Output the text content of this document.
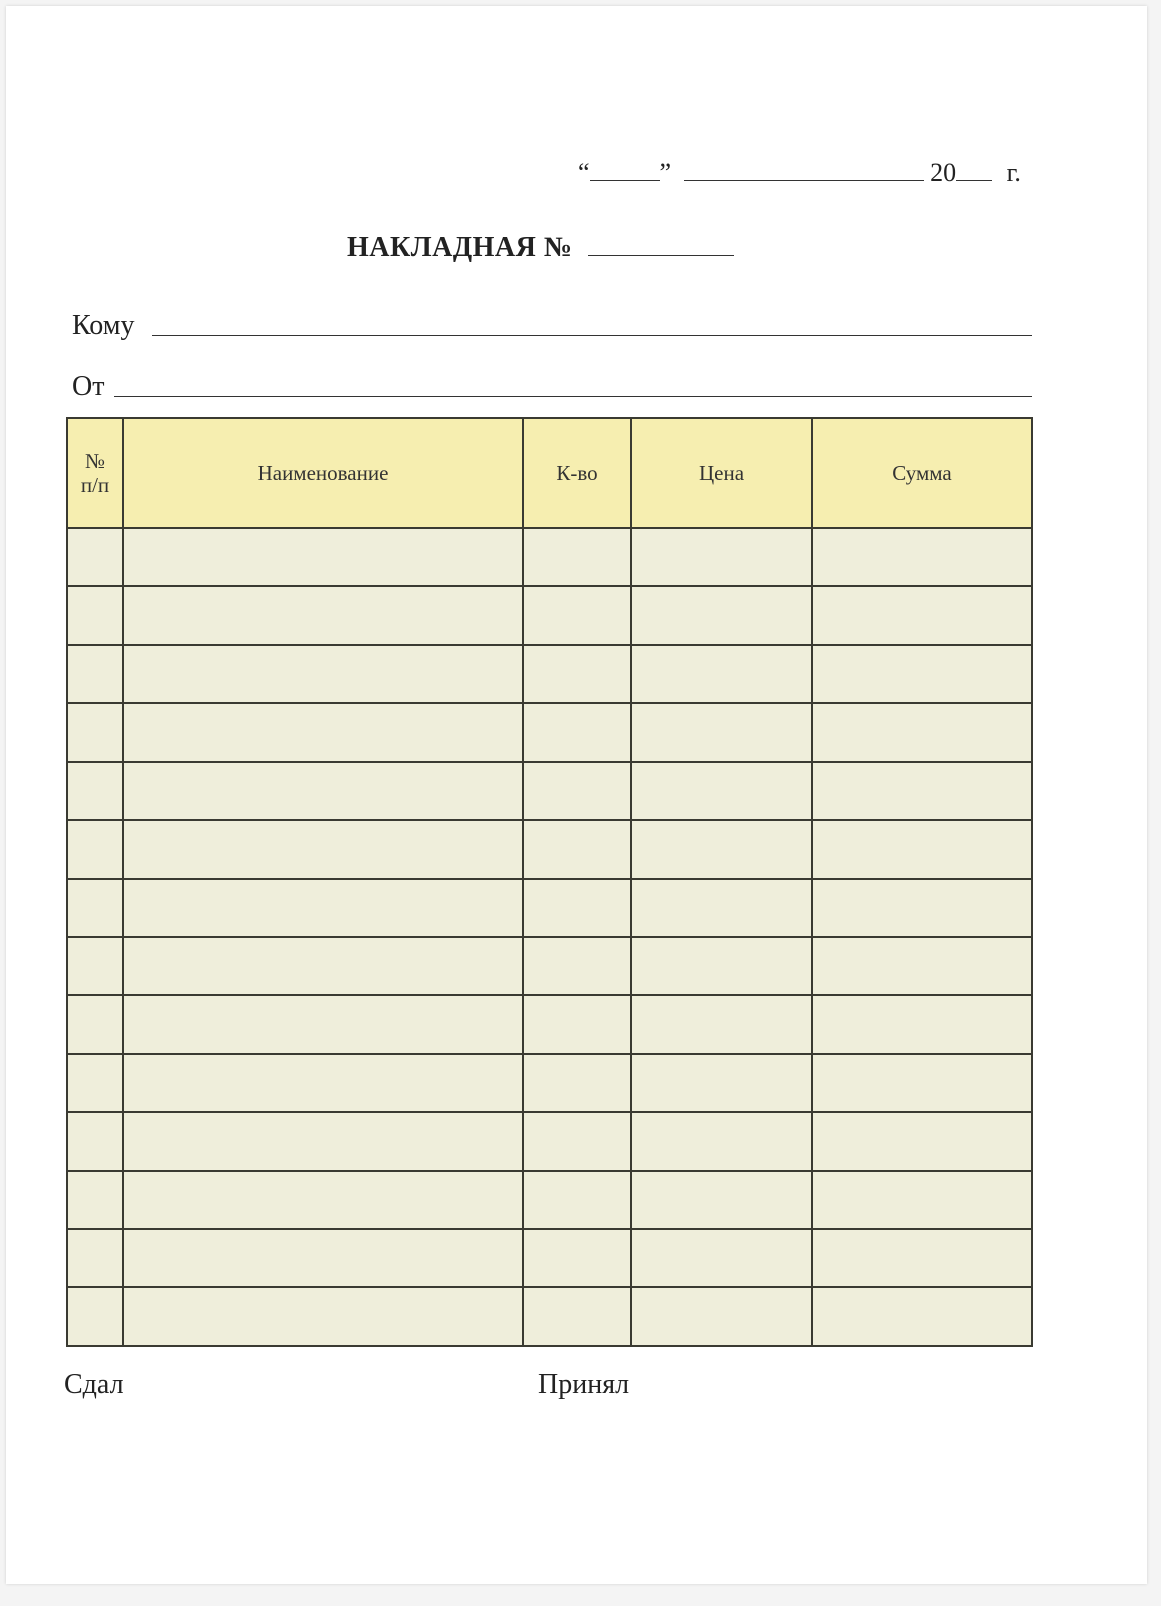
“	”	20 г.
НАКЛАДНАЯ №
Кому
От
№
п/п	Наименование	К-во	Цена	Сумма

Сдал	Принял
